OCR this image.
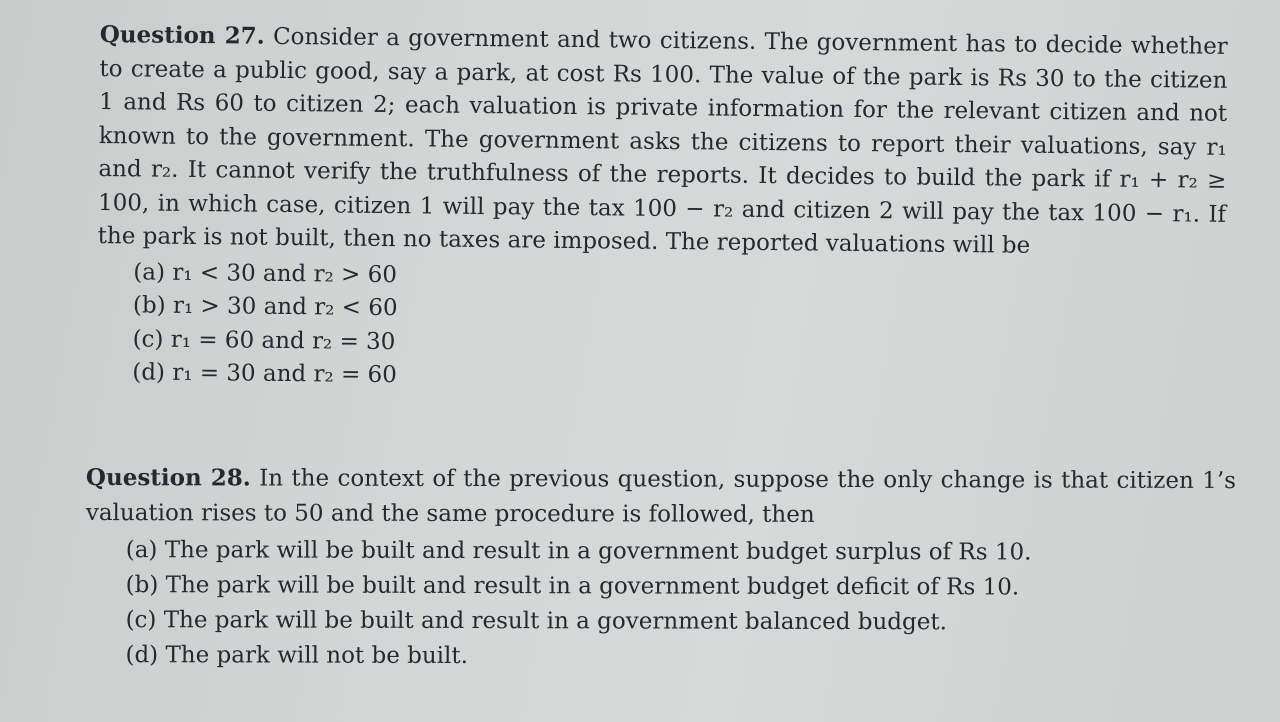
Question 27. Consider a government and two citizens. The government has to decide whether to create a public good, say a park, at cost Rs 100. The value of the park is Rs 30 to the citizen 1 and Rs 60 to citizen 2; each valuation is private information for the relevant citizen and not known to the government. The government asks the citizens to report their valuations, say r₁ and r₂. It cannot verify the truthfulness of the reports. It decides to build the park if r₁ + r₂ ≥ 100, in which case, citizen 1 will pay the tax 100 − r₂ and citizen 2 will pay the tax 100 − r₁. If the park is not built, then no taxes are imposed. The reported valuations will be
(a) r₁ < 30 and r₂ > 60
(b) r₁ > 30 and r₂ < 60
(c) r₁ = 60 and r₂ = 30
(d) r₁ = 30 and r₂ = 60
Question 28. In the context of the previous question, suppose the only change is that citizen 1’s valuation rises to 50 and the same procedure is followed, then
(a) The park will be built and result in a government budget surplus of Rs 10.
(b) The park will be built and result in a government budget deficit of Rs 10.
(c) The park will be built and result in a government balanced budget.
(d) The park will not be built.
